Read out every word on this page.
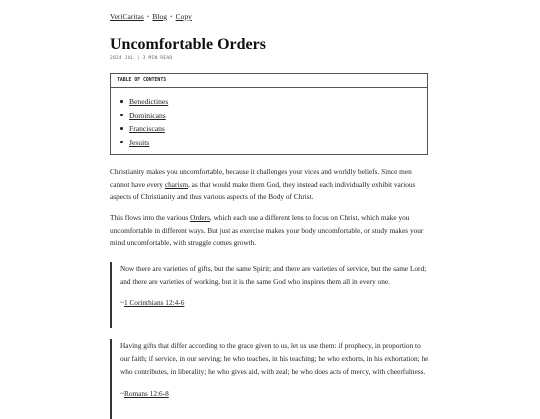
VeriCaritas • Blog • Copy
Uncomfortable Orders
2024 JUL | 3 MIN READ
TABLE OF CONTENTS
Benedictines
Dominicans
Franciscans
Jesuits

Christianity makes you uncomfortable, because it challenges your vices and worldly beliefs. Since men cannot have every charism, as that would make them God, they instead each individually exhibit various aspects of Christianity and thus various aspects of the Body of Christ.

This flows into the various Orders, which each use a different lens to focus on Christ, which make you uncomfortable in different ways. But just as exercise makes your body uncomfortable, or study makes your mind uncomfortable, with struggle comes growth.

Now there are varieties of gifts, but the same Spirit; and there are varieties of service, but the same Lord; and there are varieties of working, but it is the same God who inspires them all in every one.

~1 Corinthians 12:4-6

Having gifts that differ according to the grace given to us, let us use them: if prophecy, in proportion to our faith; if service, in our serving; he who teaches, in his teaching; he who exhorts, in his exhortation; he who contributes, in liberality; he who gives aid, with zeal; he who does acts of mercy, with cheerfulness.

~Romans 12:6-8
